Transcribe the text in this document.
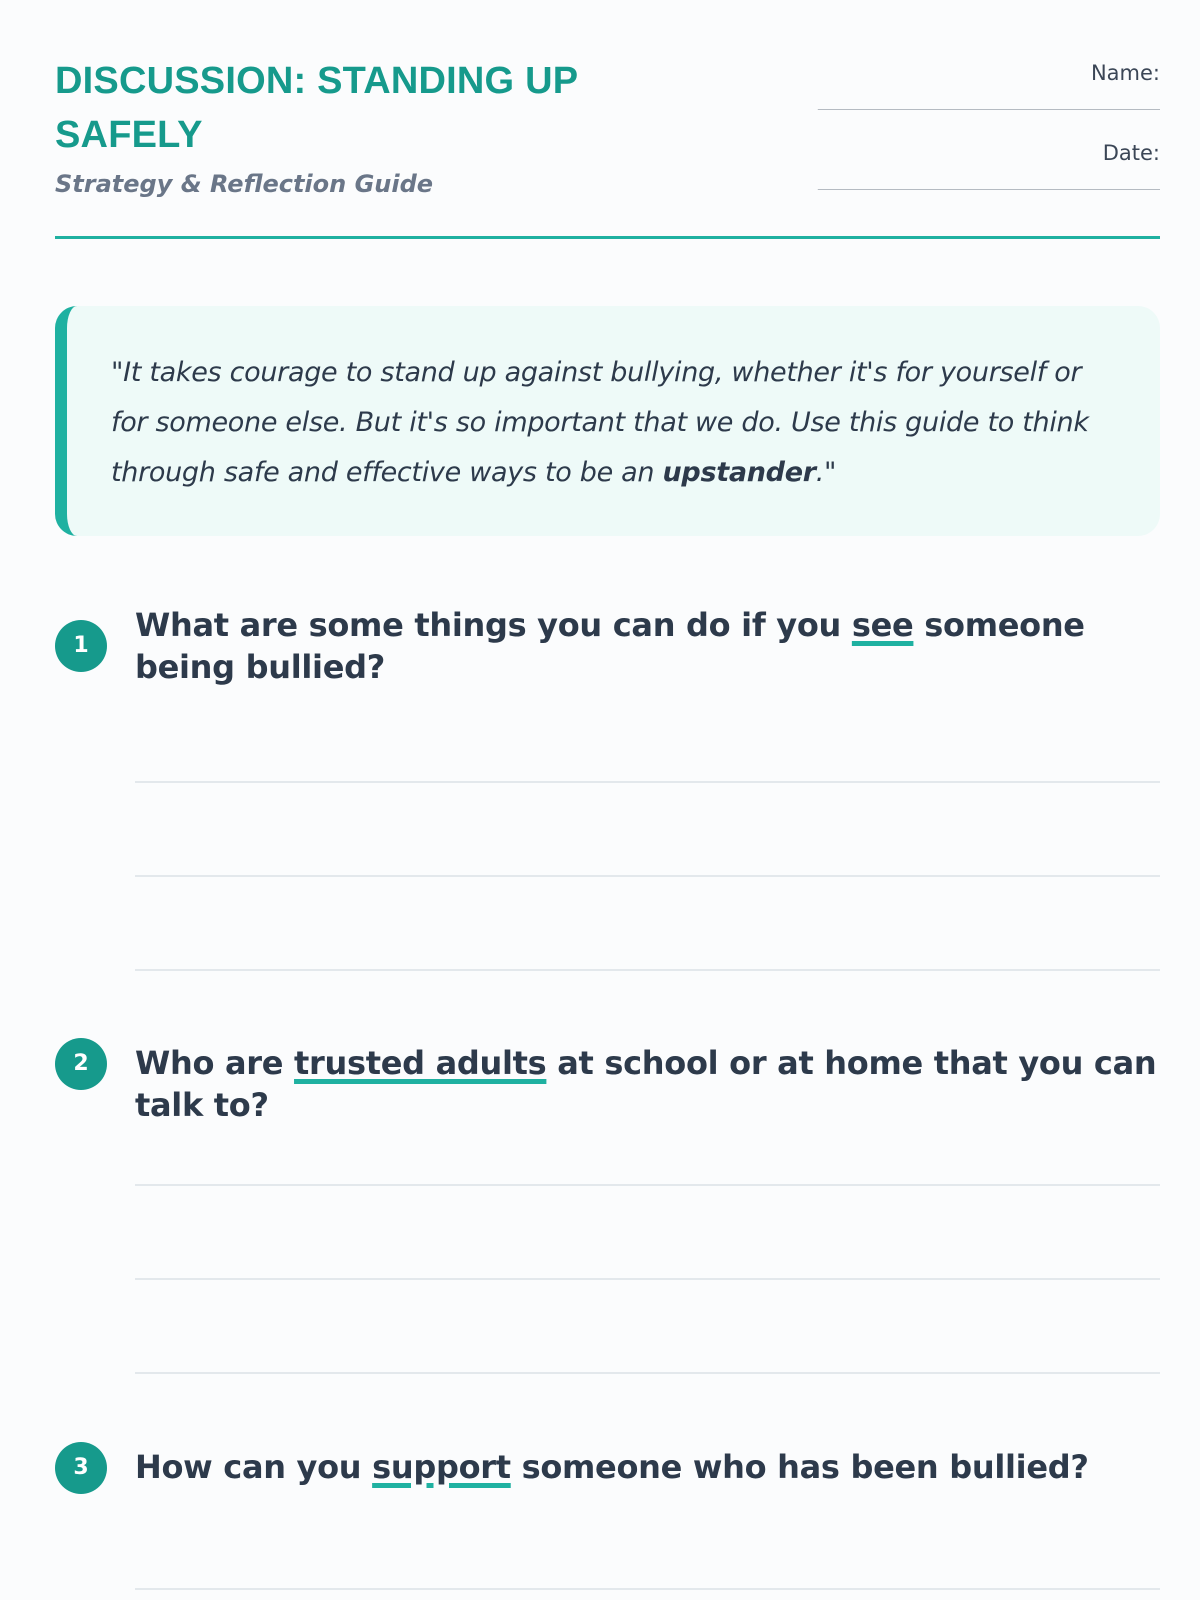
DISCUSSION: STANDING UP SAFELY
Strategy & Reflection Guide
Name:
____________________________________
Date:
____________________________________

"It takes courage to stand up against bullying, whether it's for yourself or for someone else. But it's so important that we do. Use this guide to think through safe and effective ways to be an upstander."

1
What are some things you can do if you see someone being bullied?
2	Who are trusted adults at school or at home that you can talk to?
3	How can you support someone who has been bullied?
